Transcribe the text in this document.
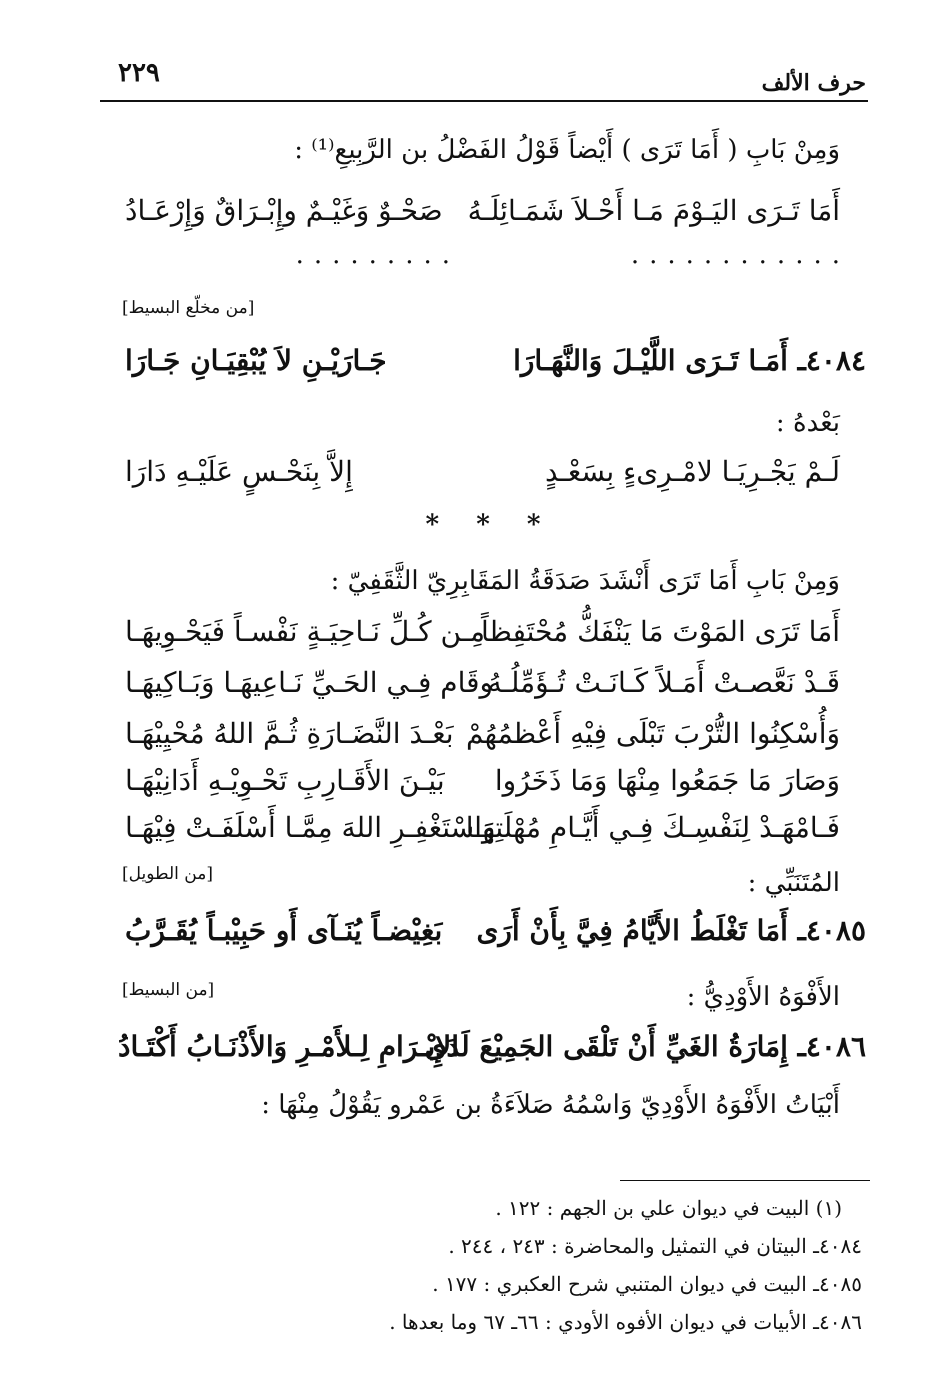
حرف الألف
٢٢٩
وَمِنْ بَابِ ( أَمَا تَرَى ) أَيْضاً قَوْلُ الفَضْلُ بن الرَّبِيعِ⁽¹⁾ :
أَمَا تَـرَى اليَـوْمَ مَـا أَحْـلاَ شَمَـائِلَـهُ
صَحْـوٌ وَغَيْـمٌ وإِبْـرَاقٌ وَإِرْعَـادُ
............
.........
[من مخلّع البسيط]
٤٠٨٤ـ أَمَـا تَـرَى اللَّيْـلَ وَالنَّهَـارَا
جَـارَيْـنِ لاَ يُبْقِيَـانِ جَـارَا
بَعْدهُ :
لَـمْ يَجْـرِيَـا لامْـرِىءٍ بِسَعْـدٍ
إِلاَّ بِنَحْـسٍ عَلَيْـهِ دَارَا
* * *
وَمِنْ بَابِ أَمَا تَرَى أَنْشَدَ صَدَقَةُ المَقَابِرِيّ الثَّقَفِيّ :
أَمَا تَرَى المَوْتَ مَا يَنْفَكُّ مُحْتَفِظاً
مِـن كُـلِّ نَـاحِيَـةٍ نَفْسـاً فَيَحْـوِيهَـا
قَـدْ نَعَّصـتْ أَمَـلاً كَـانَـتْ تُـؤَمِّلُـهُ
وقَام فِـي الحَـيِّ نَـاعِيهَـا وَبَـاكِيهَـا
وَأُسْكِنُوا التُّرْبَ تَبْلَى فِيْهِ أَعْظمُهُمْ
بَعْـدَ النَّضَـارَةِ ثُـمَّ اللهُ مُحْيِيْهَـا
وَصَارَ مَا جَمَعُوا مِنْهَا وَمَا ذَخَرُوا
بَيْـنَ الأَقَـارِبِ تَحْـوِيْـهِ أَدَانِيْهَـا
فَـامْهَـدْ لِنَفْسِـكَ فِـي أَيَّـامِ مُهْلَتِهَـا
وَاسْتَغْفِـرِ اللهَ مِمَّـا أَسْلَفَـتْ فِيْهَـا
المُتَنَبِّي :
[من الطويل]
٤٠٨٥ـ أَمَا تَغْلَطُ الأَيَّامُ فِيَّ بِأَنْ أَرَى
بَغِيْضـاً يُنَـآى أَو حَبِيْبـاً يُقَـرَّبُ
الأَفْوَهُ الأَوْدِيُّ :
[من البسيط]
٤٠٨٦ـ إِمَارَةُ الغَيِّ أَنْ تَلْقَى الجَمِيْعَ لَدَى
الإِبْـرَامِ لِـلأَمْـرِ وَالأَذْنَـابُ أَكْتَـادُ
أَبْيَاتُ الأَفْوَهُ الأَوْدِيّ وَاسْمُهُ صَلاَءَةُ بن عَمْرو يَقُوْلُ مِنْهَا :
(١) البيت في ديوان علي بن الجهم : ١٢٢ .
٤٠٨٤ـ البيتان في التمثيل والمحاضرة : ٢٤٣ ، ٢٤٤ .
٤٠٨٥ـ البيت في ديوان المتنبي شرح العكبري : ١٧٧ .
٤٠٨٦ـ الأبيات في ديوان الأفوه الأودي : ٦٦ـ ٦٧ وما بعدها .
